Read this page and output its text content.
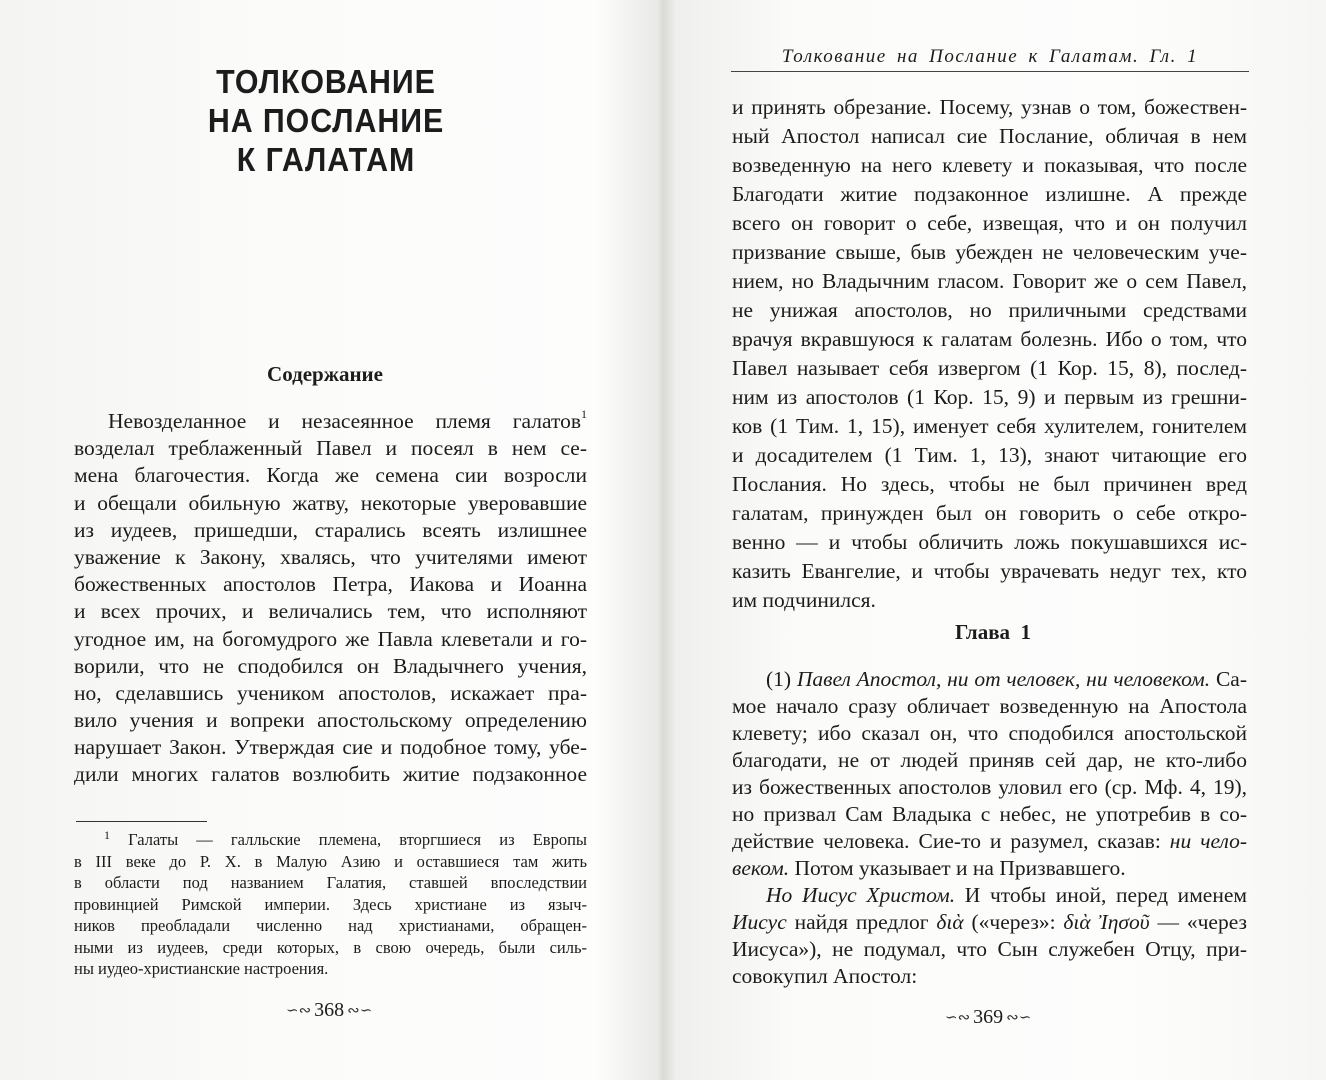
ТОЛКОВАНИЕ
НА ПОСЛАНИЕ
К ГАЛАТАМ
Содержание
Невозделанное и незасеянное племя галатов$^1$
возделал треблаженный Павел и посеял в нем се-
мена благочестия. Когда же семена сии возросли
и обещали обильную жатву, некоторые уверовавшие
из иудеев, пришедши, старались всеять излишнее
уважение к Закону, хвалясь, что учителями имеют
божественных апостолов Петра, Иакова и Иоанна
и всех прочих, и величались тем, что исполняют
угодное им, на богомудрого же Павла клеветали и го-
ворили, что не сподобился он Владычнего учения,
но, сделавшись учеником апостолов, искажает пра-
вило учения и вопреки апостольскому определению
нарушает Закон. Утверждая сие и подобное тому, убе-
дили многих галатов возлюбить житие подзаконное
$^1$ Галаты — галльские племена, вторгшиеся из Европы
в III веке до Р. Х. в Малую Азию и оставшиеся там жить
в области под названием Галатия, ставшей впоследствии
провинцией Римской империи. Здесь христиане из языч-
ников преобладали численно над христианами, обращен-
ными из иудеев, среди которых, в свою очередь, были силь-
ны иудео-христианские настроения.
∽∾ 368 ∾∽
Толкование на Послание к Галатам. Гл. 1
и принять обрезание. Посему, узнав о том, божествен-
ный Апостол написал сие Послание, обличая в нем
возведенную на него клевету и показывая, что после
Благодати житие подзаконное излишне. А прежде
всего он говорит о себе, извещая, что и он получил
призвание свыше, быв убежден не человеческим уче-
нием, но Владычним гласом. Говорит же о сем Павел,
не унижая апостолов, но приличными средствами
врачуя вкравшуюся к галатам болезнь. Ибо о том, что
Павел называет себя извергом (1 Кор. 15, 8), послед-
ним из апостолов (1 Кор. 15, 9) и первым из грешни-
ков (1 Тим. 1, 15), именует себя хулителем, гонителем
и досадителем (1 Тим. 1, 13), знают читающие его
Послания. Но здесь, чтобы не был причинен вред
галатам, принужден был он говорить о себе откро-
венно — и чтобы обличить ложь покушавшихся ис-
казить Евангелие, и чтобы уврачевать недуг тех, кто
им подчинился.
Глава  1
(1) Павел Апостол, ни от человек, ни человеком. Са-
мое начало сразу обличает возведенную на Апостола
клевету; ибо сказал он, что сподобился апостольской
благодати, не от людей приняв сей дар, не кто-либо
из божественных апостолов уловил его (ср. Мф. 4, 19),
но призвал Сам Владыка с небес, не употребив в со-
действие человека. Сие-то и разумел, сказав: ни чело-
веком. Потом указывает и на Призвавшего.
Но Иисус Христом. И чтобы иной, перед именем
Иисус найдя предлог διὰ («через»: διὰ Ἰησοῦ — «через
Иисуса»), не подумал, что Сын служебен Отцу, при-
совокупил Апостол:
∽∾ 369 ∾∽
